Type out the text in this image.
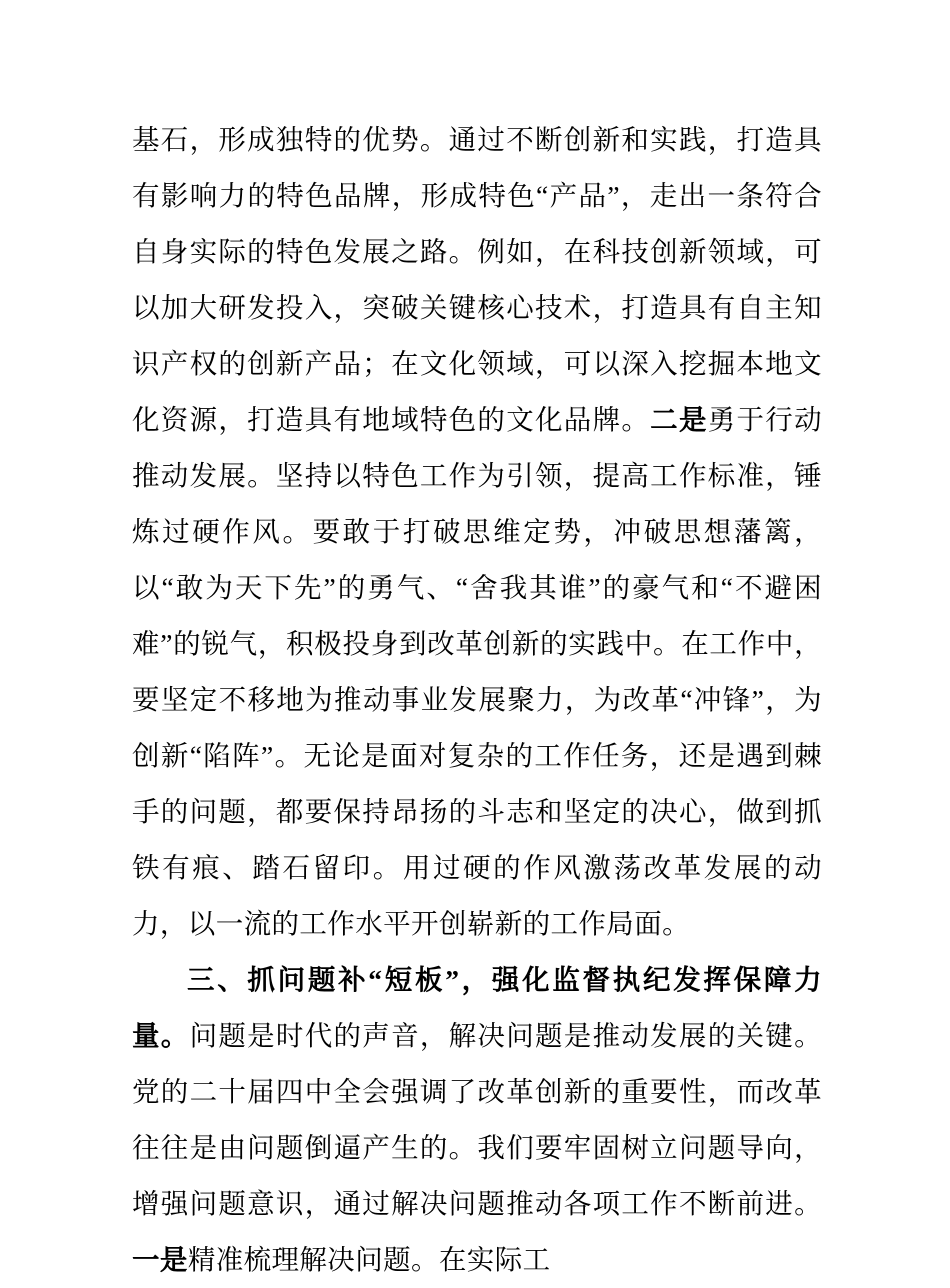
基石，形成独特的优势。通过不断创新和实践，打造具有影响力的特色品牌，形成特色“产品”，走出一条符合自身实际的特色发展之路。例如，在科技创新领域，可以加大研发投入，突破关键核心技术，打造具有自主知识产权的创新产品；在文化领域，可以深入挖掘本地文化资源，打造具有地域特色的文化品牌。二是勇于行动推动发展。坚持以特色工作为引领，提高工作标准，锤炼过硬作风。要敢于打破思维定势，冲破思想藩篱，以“敢为天下先”的勇气、“舍我其谁”的豪气和“不避困难”的锐气，积极投身到改革创新的实践中。在工作中，要坚定不移地为推动事业发展聚力，为改革“冲锋”，为创新“陷阵”。无论是面对复杂的工作任务，还是遇到棘手的问题，都要保持昂扬的斗志和坚定的决心，做到抓铁有痕、踏石留印。用过硬的作风激荡改革发展的动力，以一流的工作水平开创崭新的工作局面。

三、抓问题补“短板”，强化监督执纪发挥保障力量。问题是时代的声音，解决问题是推动发展的关键。党的二十届四中全会强调了改革创新的重要性，而改革往往是由问题倒逼产生的。我们要牢固树立问题导向，增强问题意识，通过解决问题推动各项工作不断前进。一是精准梳理解决问题。在实际工
